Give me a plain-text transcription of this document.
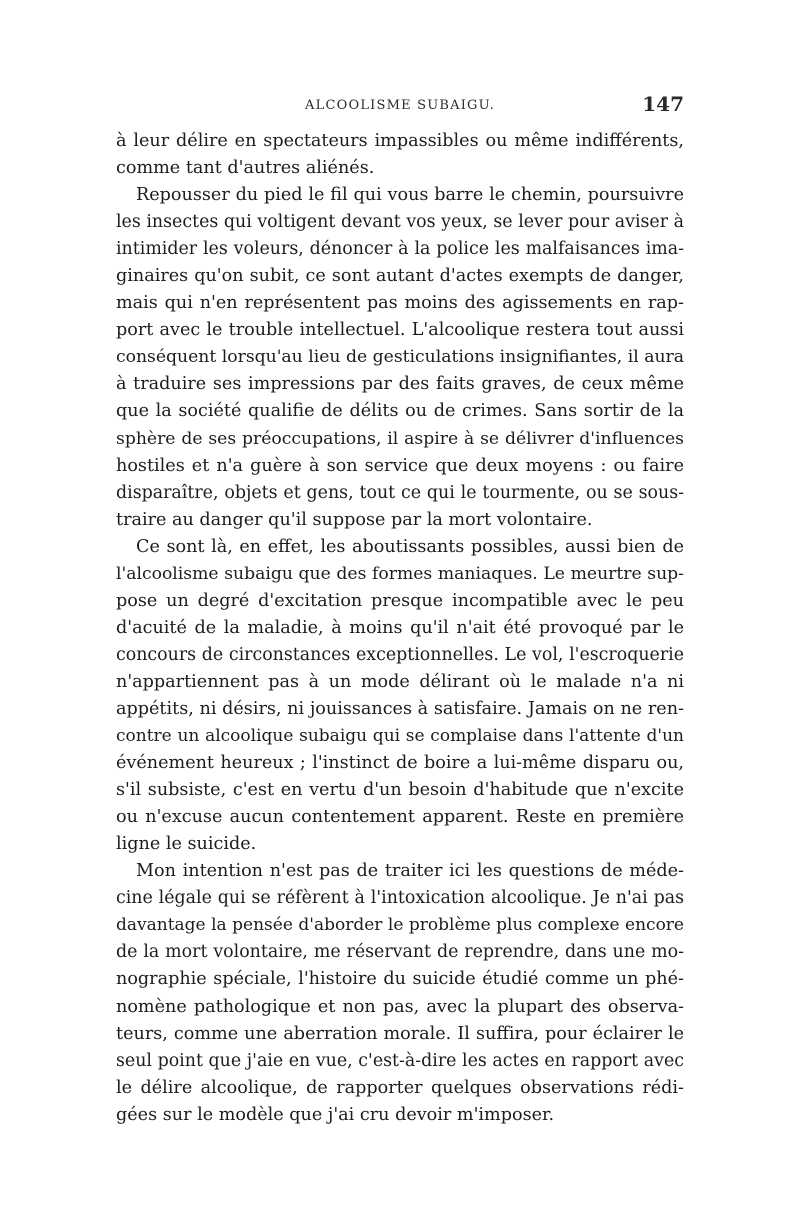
ALCOOLISME SUBAIGU.	147
à leur délire en spectateurs impassibles ou même indifférents,
comme tant d'autres aliénés.
Repousser du pied le fil qui vous barre le chemin, poursuivre
les insectes qui voltigent devant vos yeux, se lever pour aviser à
intimider les voleurs, dénoncer à la police les malfaisances ima-
ginaires qu'on subit, ce sont autant d'actes exempts de danger,
mais qui n'en représentent pas moins des agissements en rap-
port avec le trouble intellectuel. L'alcoolique restera tout aussi
conséquent lorsqu'au lieu de gesticulations insignifiantes, il aura
à traduire ses impressions par des faits graves, de ceux même
que la société qualifie de délits ou de crimes. Sans sortir de la
sphère de ses préoccupations, il aspire à se délivrer d'influences
hostiles et n'a guère à son service que deux moyens : ou faire
disparaître, objets et gens, tout ce qui le tourmente, ou se sous-
traire au danger qu'il suppose par la mort volontaire.
Ce sont là, en effet, les aboutissants possibles, aussi bien de
l'alcoolisme subaigu que des formes maniaques. Le meurtre sup-
pose un degré d'excitation presque incompatible avec le peu
d'acuité de la maladie, à moins qu'il n'ait été provoqué par le
concours de circonstances exceptionnelles. Le vol, l'escroquerie
n'appartiennent pas à un mode délirant où le malade n'a ni
appétits, ni désirs, ni jouissances à satisfaire. Jamais on ne ren-
contre un alcoolique subaigu qui se complaise dans l'attente d'un
événement heureux ; l'instinct de boire a lui-même disparu ou,
s'il subsiste, c'est en vertu d'un besoin d'habitude que n'excite
ou n'excuse aucun contentement apparent. Reste en première
ligne le suicide.
Mon intention n'est pas de traiter ici les questions de méde-
cine légale qui se réfèrent à l'intoxication alcoolique. Je n'ai pas
davantage la pensée d'aborder le problème plus complexe encore
de la mort volontaire, me réservant de reprendre, dans une mo-
nographie spéciale, l'histoire du suicide étudié comme un phé-
nomène pathologique et non pas, avec la plupart des observa-
teurs, comme une aberration morale. Il suffira, pour éclairer le
seul point que j'aie en vue, c'est-à-dire les actes en rapport avec
le délire alcoolique, de rapporter quelques observations rédi-
gées sur le modèle que j'ai cru devoir m'imposer.
